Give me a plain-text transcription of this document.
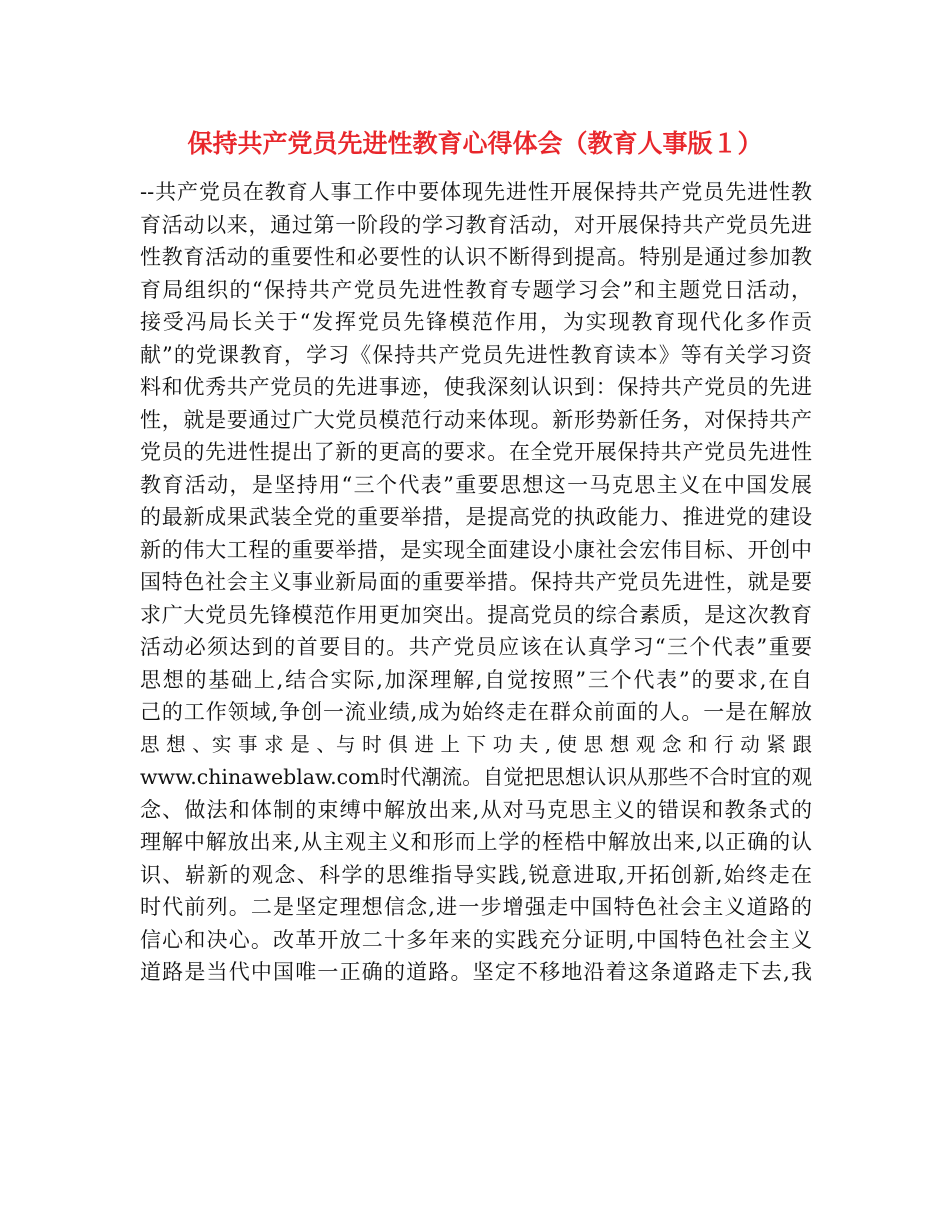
保持共产党员先进性教育心得体会（教育人事版１）
--共产党员在教育人事工作中要体现先进性开展保持共产党员先进性教
育活动以来，通过第一阶段的学习教育活动，对开展保持共产党员先进
性教育活动的重要性和必要性的认识不断得到提高。特别是通过参加教
育局组织的“保持共产党员先进性教育专题学习会”和主题党日活动，
接受冯局长关于“发挥党员先锋模范作用，为实现教育现代化多作贡
献”的党课教育，学习《保持共产党员先进性教育读本》等有关学习资
料和优秀共产党员的先进事迹，使我深刻认识到：保持共产党员的先进
性，就是要通过广大党员模范行动来体现。新形势新任务，对保持共产
党员的先进性提出了新的更高的要求。在全党开展保持共产党员先进性
教育活动，是坚持用“三个代表”重要思想这一马克思主义在中国发展
的最新成果武装全党的重要举措，是提高党的执政能力、推进党的建设
新的伟大工程的重要举措，是实现全面建设小康社会宏伟目标、开创中
国特色社会主义事业新局面的重要举措。保持共产党员先进性，就是要
求广大党员先锋模范作用更加突出。提高党员的综合素质，是这次教育
活动必须达到的首要目的。共产党员应该在认真学习“三个代表”重要
思想的基础上,结合实际,加深理解,自觉按照”三个代表”的要求,在自
己的工作领域,争创一流业绩,成为始终走在群众前面的人。一是在解放
思 想 、实 事 求 是 、与 时 俱 进 上 下 功 夫 , 使 思 想 观 念 和 行 动 紧 跟
www.chinaweblaw.com时代潮流。自觉把思想认识从那些不合时宜的观
念、做法和体制的束缚中解放出来,从对马克思主义的错误和教条式的
理解中解放出来,从主观主义和形而上学的桎梏中解放出来,以正确的认
识、崭新的观念、科学的思维指导实践,锐意进取,开拓创新,始终走在
时代前列。二是坚定理想信念,进一步增强走中国特色社会主义道路的
信心和决心。改革开放二十多年来的实践充分证明,中国特色社会主义
道路是当代中国唯一正确的道路。坚定不移地沿着这条道路走下去,我
